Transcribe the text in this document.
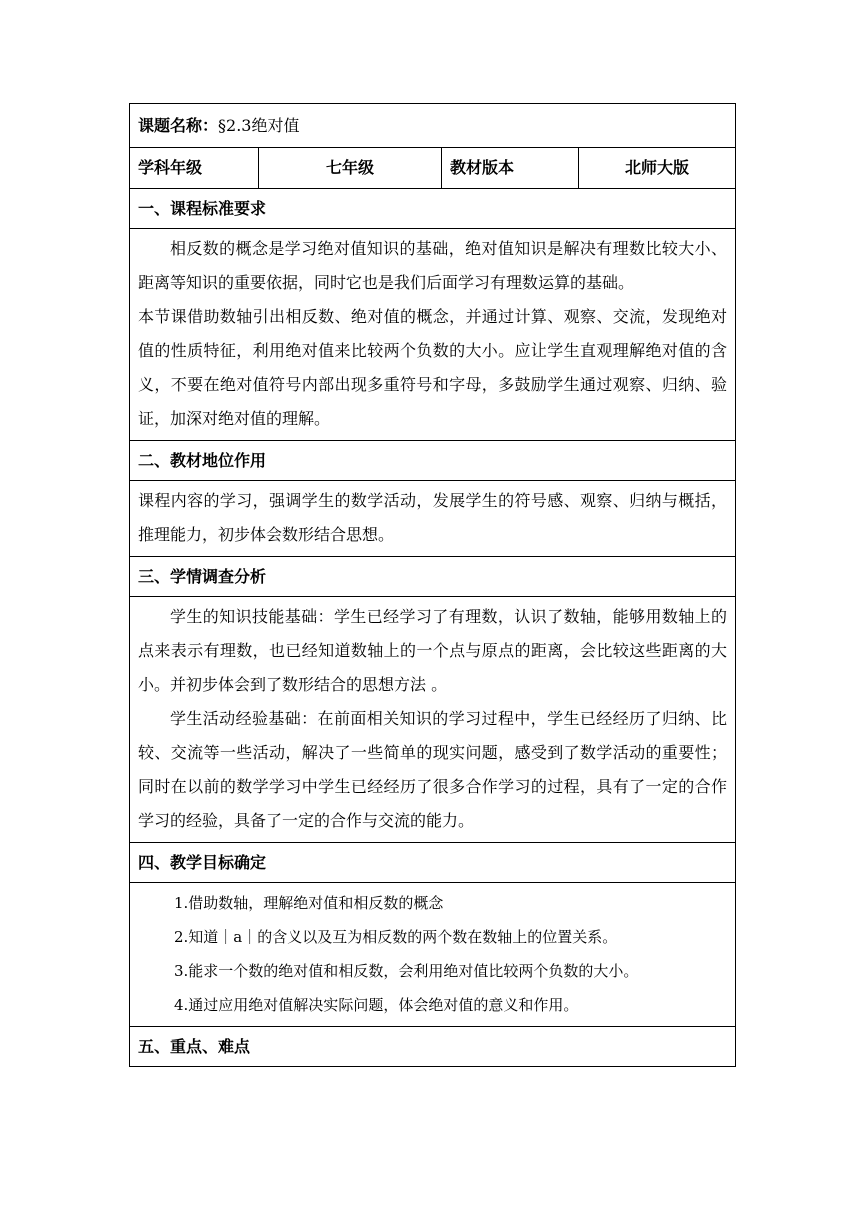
课题名称：§2.3绝对值
学科年级	七年级	教材版本	北师大版
一、课程标准要求

相反数的概念是学习绝对值知识的基础，绝对值知识是解决有理数比较大小、距离等知识的重要依据，同时它也是我们后面学习有理数运算的基础。

本节课借助数轴引出相反数、绝对值的概念，并通过计算、观察、交流，发现绝对值的性质特征，利用绝对值来比较两个负数的大小。应让学生直观理解绝对值的含义，不要在绝对值符号内部出现多重符号和字母，多鼓励学生通过观察、归纳、验证，加深对绝对值的理解。

二、教材地位作用

课程内容的学习，强调学生的数学活动，发展学生的符号感、观察、归纳与概括，推理能力，初步体会数形结合思想。

三、学情调查分析

学生的知识技能基础：学生已经学习了有理数，认识了数轴，能够用数轴上的点来表示有理数，也已经知道数轴上的一个点与原点的距离，会比较这些距离的大小。并初步体会到了数形结合的思想方法 。

学生活动经验基础：在前面相关知识的学习过程中，学生已经经历了归纳、比较、交流等一些活动，解决了一些简单的现实问题，感受到了数学活动的重要性；同时在以前的数学学习中学生已经经历了很多合作学习的过程，具有了一定的合作学习的经验，具备了一定的合作与交流的能力。

四、教学目标确定

1.借助数轴，理解绝对值和相反数的概念

2.知道｜a｜的含义以及互为相反数的两个数在数轴上的位置关系。

3.能求一个数的绝对值和相反数，会利用绝对值比较两个负数的大小。

4.通过应用绝对值解决实际问题，体会绝对值的意义和作用。

五、重点、难点
